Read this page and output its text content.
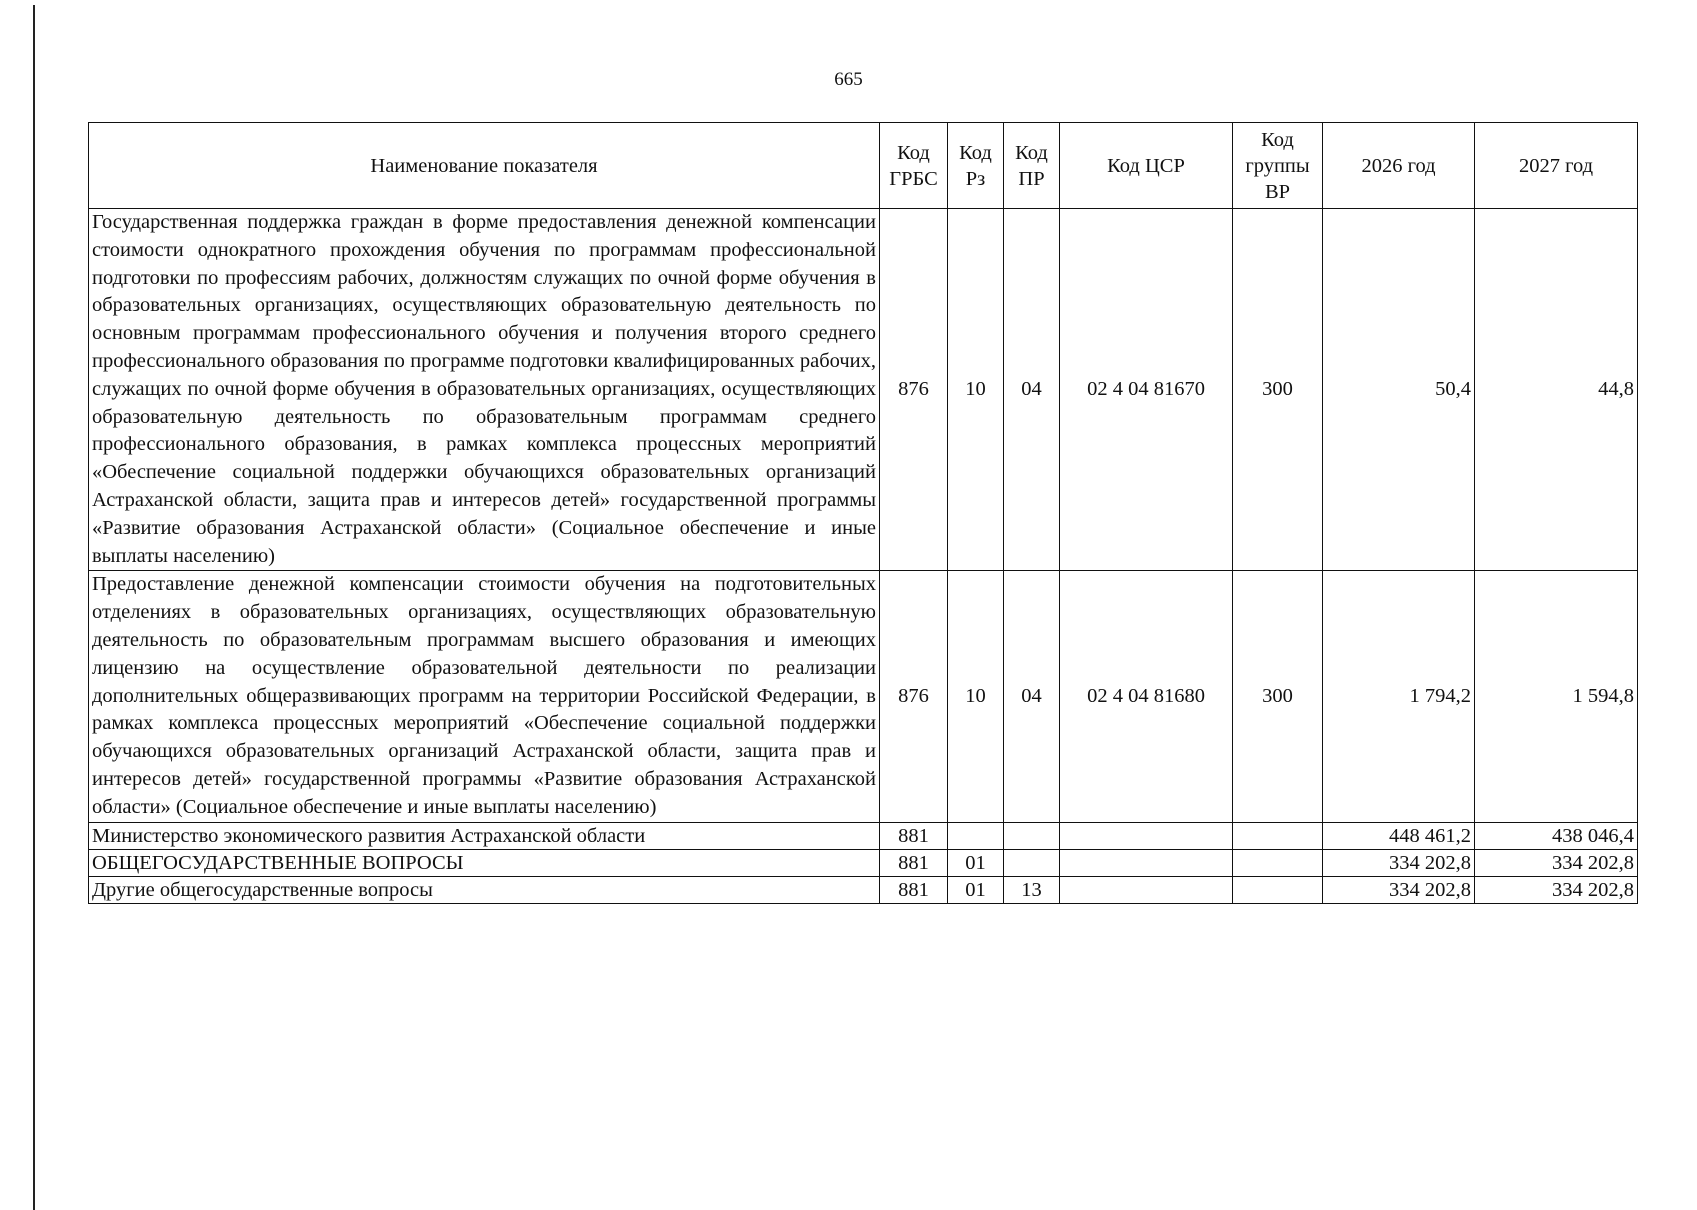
665
Наименование показателя	Код ГРБС	Код Рз	Код ПР	Код ЦСР	Код группы ВР	2026 год	2027 год
Государственная поддержка граждан в форме предоставления денежной компенсации стоимости однократного прохождения обучения по программам профессиональной подготовки по профессиям рабочих, должностям служащих по очной форме обучения в образовательных организациях, осуществляющих образовательную деятельность по основным программам профессионального обучения и получения второго среднего профессионального образования по программе подготовки квалифицированных рабочих, служащих по очной форме обучения в образовательных организациях, осуществляющих образовательную деятельность по образовательным программам среднего профессионального образования, в рамках комплекса процессных мероприятий «Обеспечение социальной поддержки обучающихся образовательных организаций Астраханской области, защита прав и интересов детей» государственной программы «Развитие образования Астраханской области» (Социальное обеспечение и иные выплаты населению)	876	10	04	02 4 04 81670	300	50,4	44,8
Предоставление денежной компенсации стоимости обучения на подготовительных отделениях в образовательных организациях, осуществляющих образовательную деятельность по образовательным программам высшего образования и имеющих лицензию на осуществление образовательной деятельности по реализации дополнительных общеразвивающих программ на территории Российской Федерации, в рамках комплекса процессных мероприятий «Обеспечение социальной поддержки обучающихся образовательных организаций Астраханской области, защита прав и интересов детей» государственной программы «Развитие образования Астраханской области» (Социальное обеспечение и иные выплаты населению)	876	10	04	02 4 04 81680	300	1 794,2	1 594,8
Министерство экономического развития Астраханской области	881					448 461,2	438 046,4
ОБЩЕГОСУДАРСТВЕННЫЕ ВОПРОСЫ	881	01				334 202,8	334 202,8
Другие общегосударственные вопросы	881	01	13			334 202,8	334 202,8
